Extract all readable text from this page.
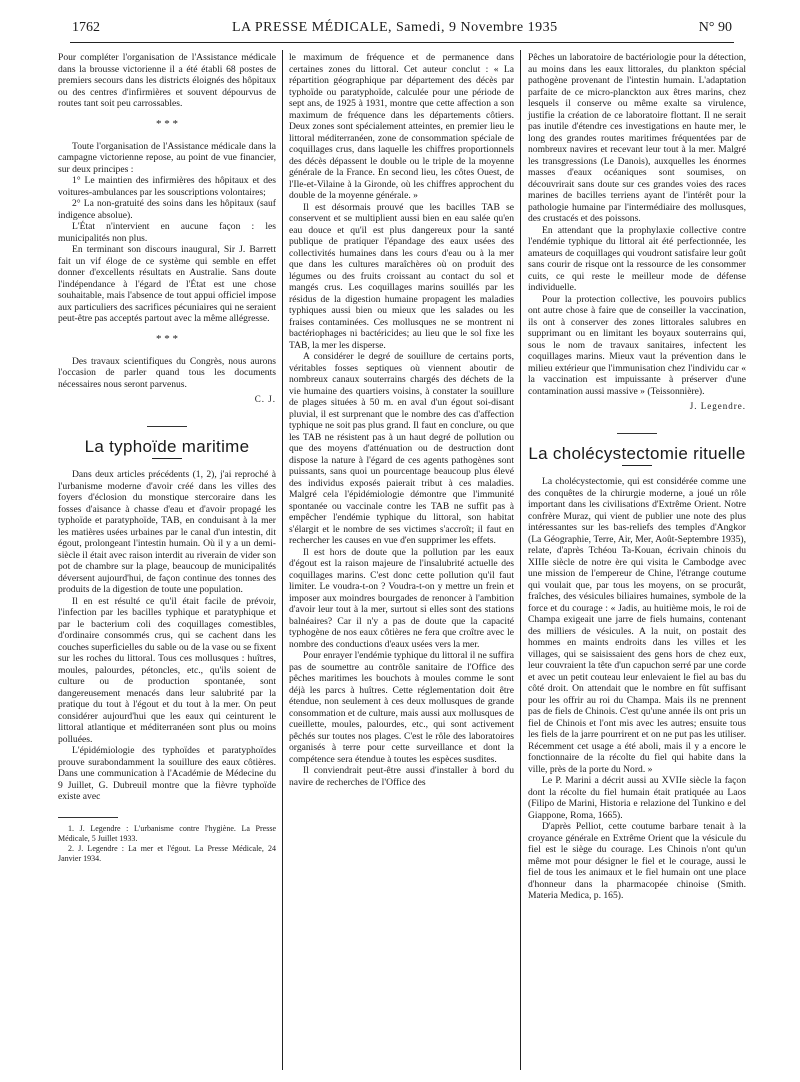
1762	LA PRESSE MÉDICALE, Samedi, 9 Novembre 1935	N° 90

Pour compléter l'organisation de l'Assistance médicale dans la brousse victorienne il a été établi 68 postes de premiers secours dans les districts éloignés des hôpitaux ou des centres d'infirmières et souvent dépourvus de routes tant soit peu carrossables.

* * *

Toute l'organisation de l'Assistance médicale dans la campagne victorienne repose, au point de vue financier, sur deux principes :

1° Le maintien des infirmières des hôpitaux et des voitures-ambulances par les souscriptions volontaires;

2° La non-gratuité des soins dans les hôpitaux (sauf indigence absolue).

L'État n'intervient en aucune façon : les municipalités non plus.

En terminant son discours inaugural, Sir J. Barrett fait un vif éloge de ce système qui semble en effet donner d'excellents résultats en Australie. Sans doute l'indépendance à l'égard de l'État est une chose souhaitable, mais l'absence de tout appui officiel impose aux particuliers des sacrifices pécuniaires qui ne seraient peut-être pas acceptés partout avec la même allégresse.

* * *

Des travaux scientifiques du Congrès, nous aurons l'occasion de parler quand tous les documents nécessaires nous seront parvenus.

C. J.
La typhoïde maritime

Dans deux articles précédents (1, 2), j'ai reproché à l'urbanisme moderne d'avoir créé dans les villes des foyers d'éclosion du monstique stercoraire dans les fosses d'aisance à chasse d'eau et d'avoir propagé les typhoïde et paratyphoïde, TAB, en conduisant à la mer les matières usées urbaines par le canal d'un intestin, dit égout, prolongeant l'intestin humain. Où il y a un demi-siècle il était avec raison interdit au riverain de vider son pot de chambre sur la plage, beaucoup de municipalités déversent aujourd'hui, de façon continue des tonnes des produits de la digestion de toute une population.

Il en est résulté ce qu'il était facile de prévoir, l'infection par les bacilles typhique et paratyphique et par le bacterium coli des coquillages comestibles, d'ordinaire consommés crus, qui se cachent dans les couches superficielles du sable ou de la vase ou se fixent sur les roches du littoral. Tous ces mollusques : huîtres, moules, palourdes, pétoncles, etc., qu'ils soient de culture ou de production spontanée, sont dangereusement menacés dans leur salubrité par la pratique du tout à l'égout et du tout à la mer. On peut considérer aujourd'hui que les eaux qui ceinturent le littoral atlantique et méditerranéen sont plus ou moins polluées.

L'épidémiologie des typhoïdes et paratyphoïdes prouve surabondamment la souillure des eaux côtières. Dans une communication à l'Académie de Médecine du 9 Juillet, G. Dubreuil montre que la fièvre typhoïde existe avec

1. J. Legendre : L'urbanisme contre l'hygiène. La Presse Médicale, 5 Juillet 1933.

2. J. Legendre : La mer et l'égout. La Presse Médicale, 24 Janvier 1934.

le maximum de fréquence et de permanence dans certaines zones du littoral. Cet auteur conclut : « La répartition géographique par département des décès par typhoïde ou paratyphoïde, calculée pour une période de sept ans, de 1925 à 1931, montre que cette affection a son maximum de fréquence dans les départements côtiers. Deux zones sont spécialement atteintes, en premier lieu le littoral méditerranéen, zone de consommation spéciale de coquillages crus, dans laquelle les chiffres proportionnels des décès dépassent le double ou le triple de la moyenne générale de la France. En second lieu, les côtes Ouest, de l'Ile-et-Vilaine à la Gironde, où les chiffres approchent du double de la moyenne générale. »

Il est désormais prouvé que les bacilles TAB se conservent et se multiplient aussi bien en eau salée qu'en eau douce et qu'il est plus dangereux pour la santé publique de pratiquer l'épandage des eaux usées des collectivités humaines dans les cours d'eau ou à la mer que dans les cultures maraîchères où on produit des légumes ou des fruits croissant au contact du sol et mangés crus. Les coquillages marins souillés par les résidus de la digestion humaine propagent les maladies typhiques aussi bien ou mieux que les salades ou les fraises contaminées. Ces mollusques ne se montrent ni bactériophages ni bactéricides; au lieu que le sol fixe les TAB, la mer les disperse.

A considérer le degré de souillure de certains ports, véritables fosses septiques où viennent aboutir de nombreux canaux souterrains chargés des déchets de la vie humaine des quartiers voisins, à constater la souillure de plages situées à 50 m. en aval d'un égout soi-disant pluvial, il est surprenant que le nombre des cas d'affection typhique ne soit pas plus grand. Il faut en conclure, ou que les TAB ne résistent pas à un haut degré de pollution ou que des moyens d'atténuation ou de destruction dont dispose la nature à l'égard de ces agents pathogènes sont puissants, sans quoi un pourcentage beaucoup plus élevé des individus exposés paierait tribut à ces maladies. Malgré cela l'épidémiologie démontre que l'immunité spontanée ou vaccinale contre les TAB ne suffit pas à empêcher l'endémie typhique du littoral, son habitat s'élargit et le nombre de ses victimes s'accroît; il faut en rechercher les causes en vue d'en supprimer les effets.

Il est hors de doute que la pollution par les eaux d'égout est la raison majeure de l'insalubrité actuelle des coquillages marins. C'est donc cette pollution qu'il faut limiter. Le voudra-t-on ? Voudra-t-on y mettre un frein et imposer aux moindres bourgades de renoncer à l'ambition d'avoir leur tout à la mer, surtout si elles sont des stations balnéaires? Car il n'y a pas de doute que la capacité typhogène de nos eaux côtières ne fera que croître avec le nombre des conductions d'eaux usées vers la mer.

Pour enrayer l'endémie typhique du littoral il ne suffira pas de soumettre au contrôle sanitaire de l'Office des pêches maritimes les bouchots à moules comme le sont déjà les parcs à huîtres. Cette réglementation doit être étendue, non seulement à ces deux mollusques de grande consommation et de culture, mais aussi aux mollusques de cueillette, moules, palourdes, etc., qui sont activement pêchés sur toutes nos plages. C'est le rôle des laboratoires organisés à terre pour cette surveillance et dont la compétence sera étendue à toutes les espèces susdites.

Il conviendrait peut-être aussi d'installer à bord du navire de recherches de l'Office des

Pêches un laboratoire de bactériologie pour la détection, au moins dans les eaux littorales, du plankton spécial pathogène provenant de l'intestin humain. L'adaptation parfaite de ce micro-planckton aux êtres marins, chez lesquels il conserve ou même exalte sa virulence, justifie la création de ce laboratoire flottant. Il ne serait pas inutile d'étendre ces investigations en haute mer, le long des grandes routes maritimes fréquentées par de nombreux navires et recevant leur tout à la mer. Malgré les transgressions (Le Danois), auxquelles les énormes masses d'eaux océaniques sont soumises, on découvrirait sans doute sur ces grandes voies des races marines de bacilles terriens ayant de l'intérêt pour la pathologie humaine par l'intermédiaire des mollusques, des crustacés et des poissons.

En attendant que la prophylaxie collective contre l'endémie typhique du littoral ait été perfectionnée, les amateurs de coquillages qui voudront satisfaire leur goût sans courir de risque ont la ressource de les consommer cuits, ce qui reste le meilleur mode de défense individuelle.

Pour la protection collective, les pouvoirs publics ont autre chose à faire que de conseiller la vaccination, ils ont à conserver des zones littorales salubres en supprimant ou en limitant les boyaux souterrains qui, sous le nom de travaux sanitaires, infectent les coquillages marins. Mieux vaut la prévention dans le milieu extérieur que l'immunisation chez l'individu car « la vaccination est impuissante à préserver d'une contamination aussi massive » (Teissonnière).

J. Legendre.
La cholécystectomie rituelle

La cholécystectomie, qui est considérée comme une des conquêtes de la chirurgie moderne, a joué un rôle important dans les civilisations d'Extrême Orient. Notre confrère Muraz, qui vient de publier une note des plus intéressantes sur les bas-reliefs des temples d'Angkor (La Géographie, Terre, Air, Mer, Août-Septembre 1935), relate, d'après Tchéou Ta-Kouan, écrivain chinois du XIIIe siècle de notre ère qui visita le Cambodge avec une mission de l'empereur de Chine, l'étrange coutume qui voulait que, par tous les moyens, on se procurât, fraîches, des vésicules biliaires humaines, symbole de la force et du courage : « Jadis, au huitième mois, le roi de Champa exigeait une jarre de fiels humains, contenant des milliers de vésicules. A la nuit, on postait des hommes en maints endroits dans les villes et les villages, qui se saisissaient des gens hors de chez eux, leur couvraient la tête d'un capuchon serré par une corde et avec un petit couteau leur enlevaient le fiel au bas du côté droit. On attendait que le nombre en fût suffisant pour les offrir au roi du Champa. Mais ils ne prennent pas de fiels de Chinois. C'est qu'une année ils ont pris un fiel de Chinois et l'ont mis avec les autres; ensuite tous les fiels de la jarre pourrirent et on ne put pas les utiliser. Récemment cet usage a été aboli, mais il y a encore le fonctionnaire de la récolte du fiel qui habite dans la ville, près de la porte du Nord. »

Le P. Marini a décrit aussi au XVIIe siècle la façon dont la récolte du fiel humain était pratiquée au Laos (Filipo de Marini, Historia e relazione del Tunkino e del Giappone, Roma, 1665).

D'après Pelliot, cette coutume barbare tenait à la croyance générale en Extrême Orient que la vésicule du fiel est le siège du courage. Les Chinois n'ont qu'un même mot pour désigner le fiel et le courage, aussi le fiel de tous les animaux et le fiel humain ont une place d'honneur dans la pharmacopée chinoise (Smith. Materia Medica, p. 165).
